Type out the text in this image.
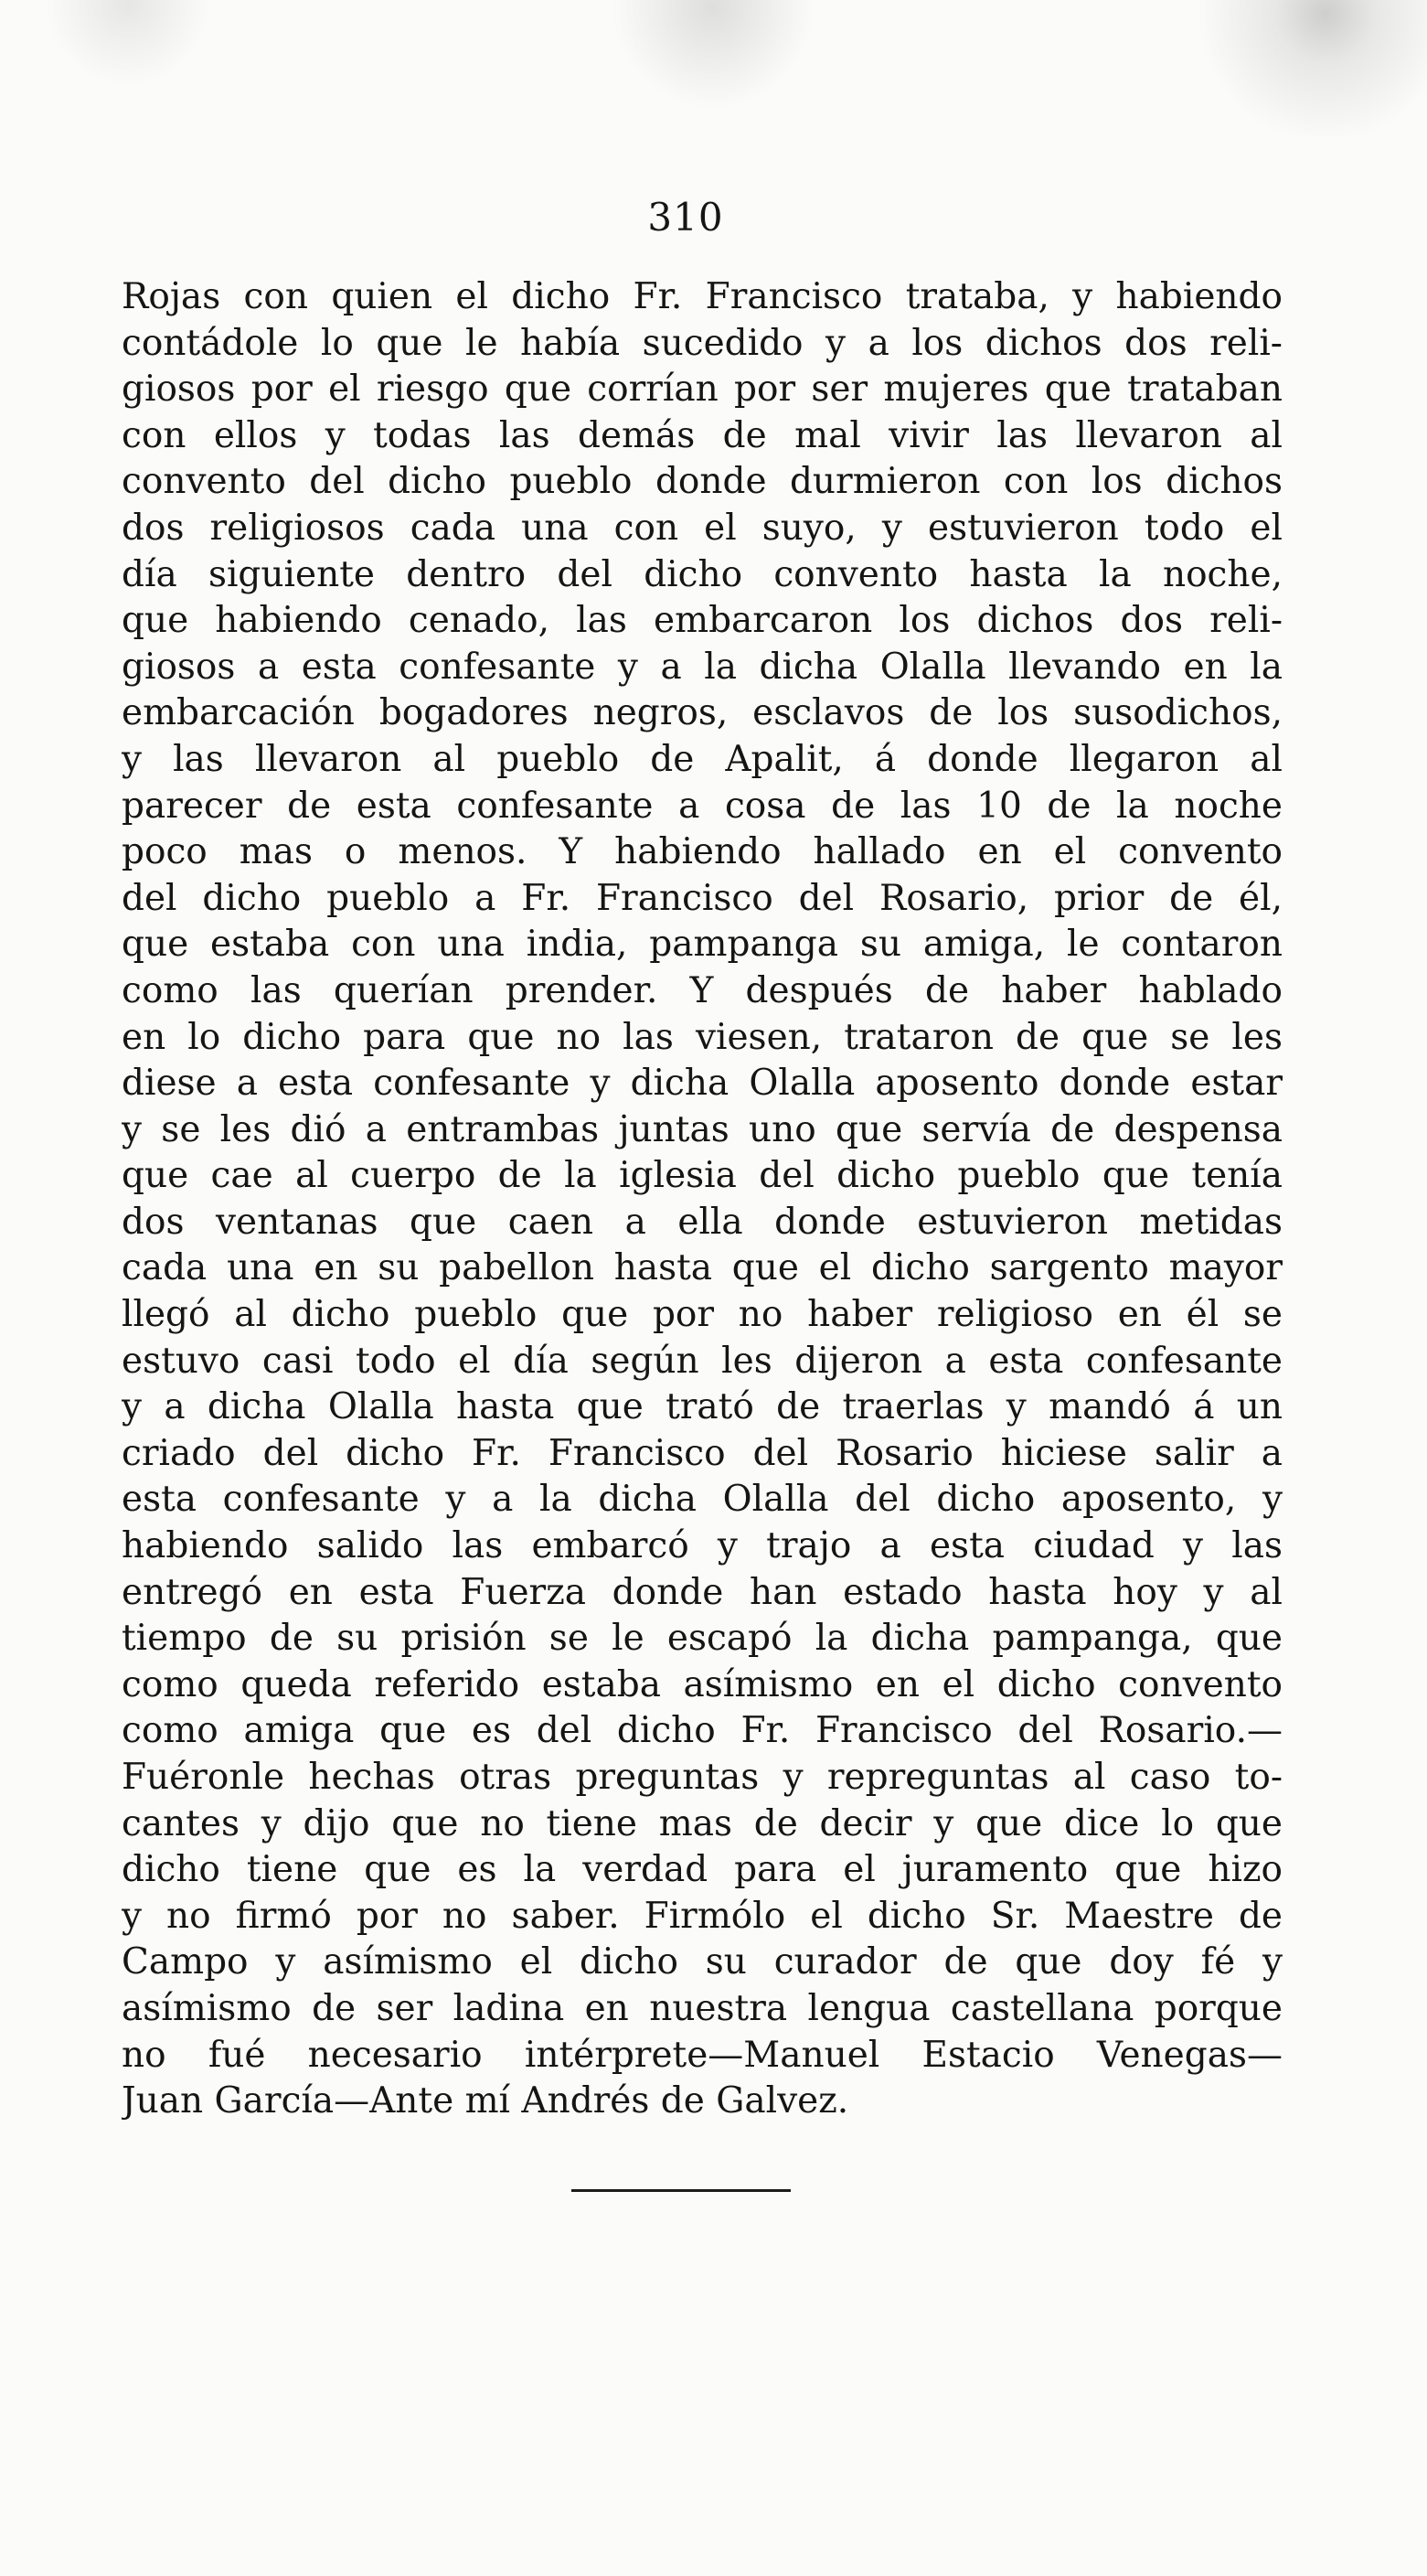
310
Rojas con quien el dicho Fr. Francisco trataba, y habiendo
contádole lo que le había sucedido y a los dichos dos reli-
giosos por el riesgo que corrían por ser mujeres que trataban
con ellos y todas las demás de mal vivir las llevaron al
convento del dicho pueblo donde durmieron con los dichos
dos religiosos cada una con el suyo, y estuvieron todo el
día siguiente dentro del dicho convento hasta la noche,
que habiendo cenado, las embarcaron los dichos dos reli-
giosos a esta confesante y a la dicha Olalla llevando en la
embarcación bogadores negros, esclavos de los susodichos,
y las llevaron al pueblo de Apalit, á donde llegaron al
parecer de esta confesante a cosa de las 10 de la noche
poco mas o menos. Y habiendo hallado en el convento
del dicho pueblo a Fr. Francisco del Rosario, prior de él,
que estaba con una india, pampanga su amiga, le contaron
como las querían prender. Y después de haber hablado
en lo dicho para que no las viesen, trataron de que se les
diese a esta confesante y dicha Olalla aposento donde estar
y se les dió a entrambas juntas uno que servía de despensa
que cae al cuerpo de la iglesia del dicho pueblo que tenía
dos ventanas que caen a ella donde estuvieron metidas
cada una en su pabellon hasta que el dicho sargento mayor
llegó al dicho pueblo que por no haber religioso en él se
estuvo casi todo el día según les dijeron a esta confesante
y a dicha Olalla hasta que trató de traerlas y mandó á un
criado del dicho Fr. Francisco del Rosario hiciese salir a
esta confesante y a la dicha Olalla del dicho aposento, y
habiendo salido las embarcó y trajo a esta ciudad y las
entregó en esta Fuerza donde han estado hasta hoy y al
tiempo de su prisión se le escapó la dicha pampanga, que
como queda referido estaba asímismo en el dicho convento
como amiga que es del dicho Fr. Francisco del Rosario.—
Fuéronle hechas otras preguntas y repreguntas al caso to-
cantes y dijo que no tiene mas de decir y que dice lo que
dicho tiene que es la verdad para el juramento que hizo
y no firmó por no saber. Firmólo el dicho Sr. Maestre de
Campo y asímismo el dicho su curador de que doy fé y
asímismo de ser ladina en nuestra lengua castellana porque
no fué necesario intérprete—Manuel Estacio Venegas—
Juan García—Ante mí Andrés de Galvez.
